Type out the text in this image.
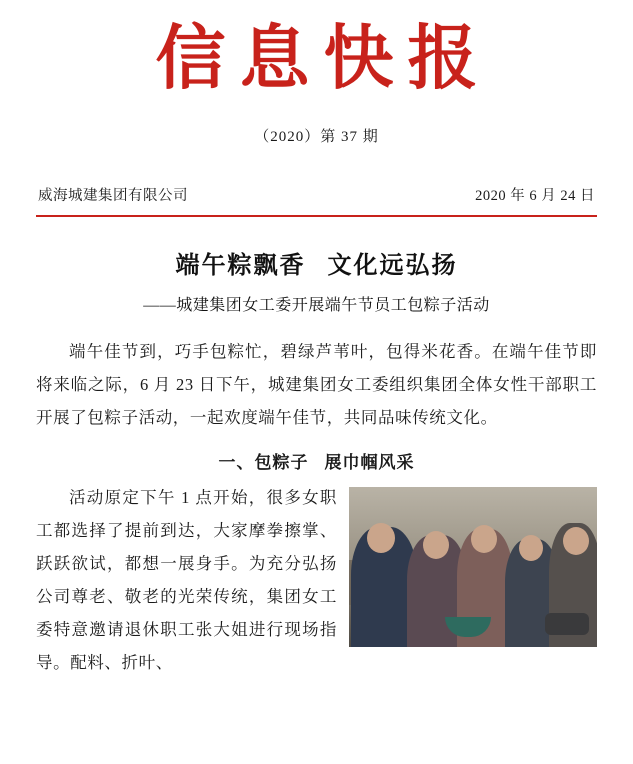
信息快报
（2020）第 37 期
威海城建集团有限公司	2020 年 6 月 24 日
端午粽飘香 文化远弘扬
——城建集团女工委开展端午节员工包粽子活动

端午佳节到，巧手包粽忙，碧绿芦苇叶，包得米花香。在端午佳节即将来临之际，6 月 23 日下午，城建集团女工委组织集团全体女性干部职工开展了包粽子活动，一起欢度端午佳节，共同品味传统文化。

一、包粽子 展巾帼风采

活动原定下午 1 点开始，很多女职工都选择了提前到达，大家摩拳擦掌、跃跃欲试，都想一展身手。为充分弘扬公司尊老、敬老的光荣传统，集团女工委特意邀请退休职工张大姐进行现场指导。配料、折叶、
